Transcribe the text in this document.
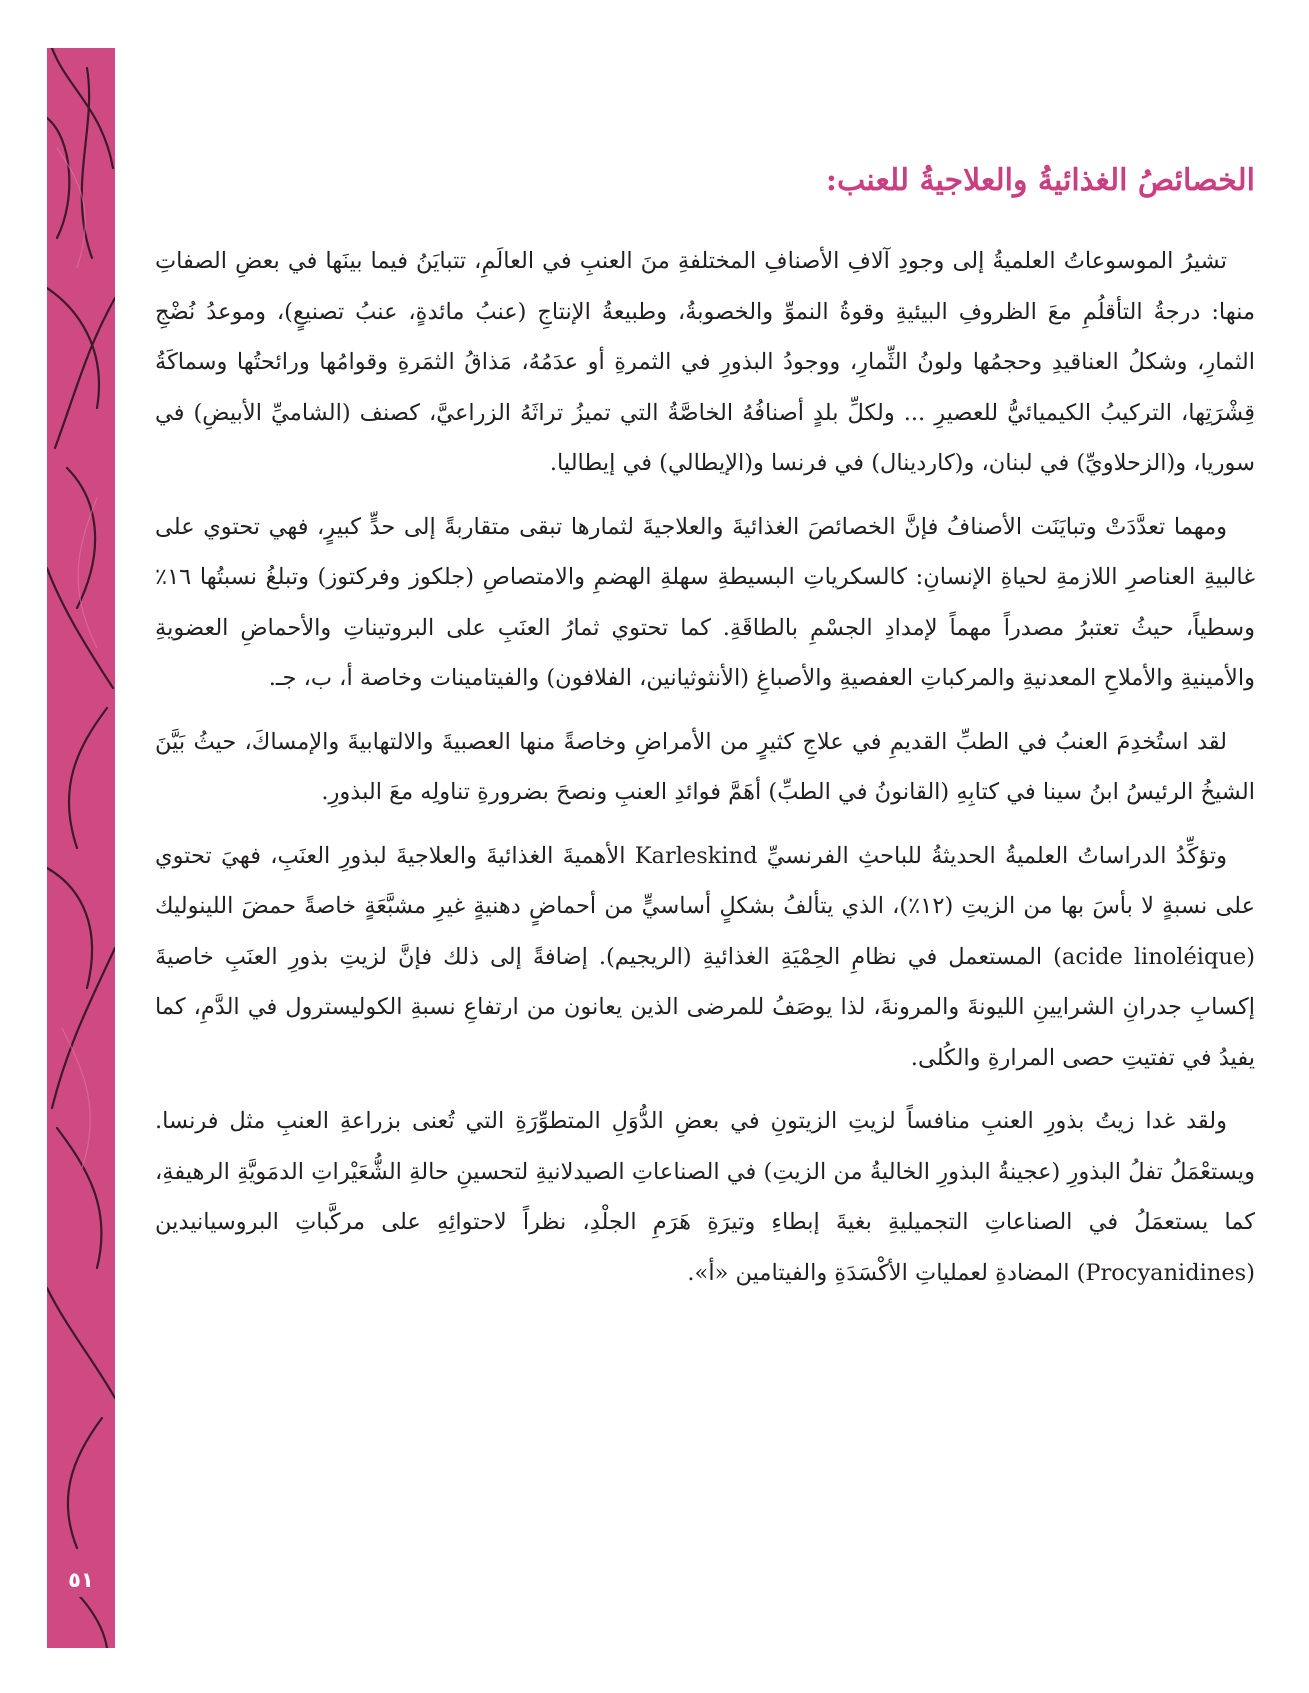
٥١
الخصائصُ الغذائيةُ والعلاجيةُ للعنب:

تشيرُ الموسوعاتُ العلميةُ إلى وجودِ آلافِ الأصنافِ المختلفةِ منَ العنبِ في العالَمِ، تتبايَنُ فيما بينَها في بعضِ الصفاتِ منها: درجةُ التأقلُمِ معَ الظروفِ البيئيةِ وقوةُ النموِّ والخصوبةُ، وطبيعةُ الإنتاجِ (عنبُ مائدةٍ، عنبُ تصنيعٍ)، وموعدُ نُضْجِ الثمارِ، وشكلُ العناقيدِ وحجمُها ولونُ الثِّمارِ، ووجودُ البذورِ في الثمرةِ أو عدَمُهُ، مَذاقُ الثمَرةِ وقوامُها ورائحتُها وسماكَةُ قِشْرَتِها، التركيبُ الكيميائيُّ للعصيرِ ... ولكلِّ بلدٍ أصنافُهُ الخاصَّةُ التي تميزُ تراثَهُ الزراعيَّ، كصنف (الشاميِّ الأبيضِ) في سوريا، و(الزحلاويِّ) في لبنان، و(كاردينال) في فرنسا و(الإيطالي) في إيطاليا.

ومهما تعدَّدَتْ وتبايَنَت الأصنافُ فإنَّ الخصائصَ الغذائيةَ والعلاجيةَ لثمارها تبقى متقاربةً إلى حدٍّ كبيرٍ، فهي تحتوي على غالبيةِ العناصرِ اللازمةِ لحياةِ الإنسانِ: كالسكرياتِ البسيطةِ سهلةِ الهضمِ والامتصاصِ (جلكوز وفركتوز) وتبلغُ نسبتُها ١٦٪ وسطياً، حيثُ تعتبرُ مصدراً مهماً لإمدادِ الجسْمِ بالطاقَةِ. كما تحتوي ثمارُ العنَبِ على البروتيناتِ والأحماضِ العضويةِ والأمينيةِ والأملاحِ المعدنيةِ والمركباتِ العفصيةِ والأصباغِ (الأنثوثيانين، الفلافون) والفيتامينات وخاصة أ، ب، جـ.

لقد استُخدِمَ العنبُ في الطبِّ القديمِ في علاجِ كثيرٍ من الأمراضِ وخاصةً منها العصبيةَ والالتهابيةَ والإمساكَ، حيثُ بَيَّنَ الشيخُ الرئيسُ ابنُ سينا في كتابِهِ (القانونُ في الطبِّ) أهَمَّ فوائدِ العنبِ ونصحَ بضرورةِ تناولِه معَ البذورِ.

وتؤكِّدُ الدراساتُ العلميةُ الحديثةُ للباحثِ الفرنسيِّ Karleskind الأهميةَ الغذائيةَ والعلاجيةَ لبذورِ العنَبِ، فهيَ تحتوي على نسبةٍ لا بأسَ بها من الزيتِ (١٢٪)، الذي يتألفُ بشكلٍ أساسيٍّ من أحماضٍ دهنيةٍ غيرِ مشبَّعَةٍ خاصةً حمضَ اللينوليك (acide linoléique) المستعمل في نظامِ الحِمْيَةِ الغذائيةِ (الريجيم). إضافةً إلى ذلك فإنَّ لزيتِ بذورِ العنَبِ خاصيةَ إكسابِ جدرانِ الشرايينِ الليونةَ والمرونةَ، لذا يوصَفُ للمرضى الذين يعانون من ارتفاعِ نسبةِ الكوليسترول في الدَّمِ، كما يفيدُ في تفتيتِ حصى المرارةِ والكُلى.

ولقد غدا زيتُ بذورِ العنبِ منافساً لزيتِ الزيتونِ في بعضِ الدُّوَلِ المتطوِّرَةِ التي تُعنى بزراعةِ العنبِ مثل فرنسا. ويستعْمَلُ تفلُ البذورِ (عجينةُ البذورِ الخاليةُ من الزيتِ) في الصناعاتِ الصيدلانيةِ لتحسينِ حالةِ الشُّعَيْراتِ الدمَويَّةِ الرهيفةِ، كما يستعمَلُ في الصناعاتِ التجميليةِ بغيةَ إبطاءِ وتيرَةِ هَرَمِ الجلْدِ، نظراً لاحتوائِهِ على مركَّباتِ البروسيانيدين (Procyanidines) المضادةِ لعملياتِ الأكْسَدَةِ والفيتامين «أ».
